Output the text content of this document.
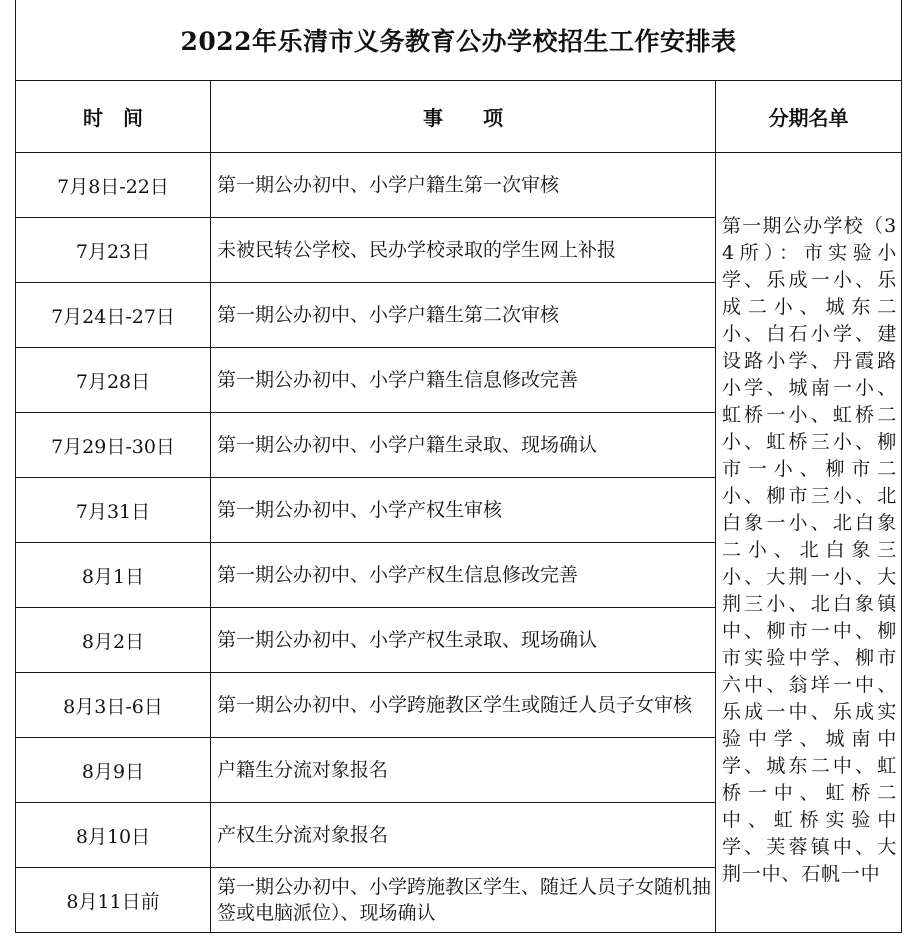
2022年乐清市义务教育公办学校招生工作安排表		
时　间	事　　项	分期名单
7月8日-22日	第一期公办初中、小学户籍生第一次审核	第一期公办学校（34所）：市实验小学、乐成一小、乐成二小、城东二小、白石小学、建设路小学、丹霞路小学、城南一小、虹桥一小、虹桥二小、虹桥三小、柳市一小、柳市二小、柳市三小、北白象一小、北白象二小、北白象三小、大荆一小、大荆三小、北白象镇中、柳市一中、柳市实验中学、柳市六中、翁垟一中、乐成一中、乐成实验中学、城南中学、城东二中、虹桥一中、虹桥二中、虹桥实验中学、芙蓉镇中、大荆一中、石帆一中
7月23日	未被民转公学校、民办学校录取的学生网上补报	
7月24日-27日	第一期公办初中、小学户籍生第二次审核	
7月28日	第一期公办初中、小学户籍生信息修改完善	
7月29日-30日	第一期公办初中、小学户籍生录取、现场确认	
7月31日	第一期公办初中、小学产权生审核	
8月1日	第一期公办初中、小学产权生信息修改完善	
8月2日	第一期公办初中、小学产权生录取、现场确认	
8月3日-6日	第一期公办初中、小学跨施教区学生或随迁人员子女审核	
8月9日	户籍生分流对象报名	
8月10日	产权生分流对象报名	
8月11日前	第一期公办初中、小学跨施教区学生、随迁人员子女随机抽签或电脑派位）、现场确认	
